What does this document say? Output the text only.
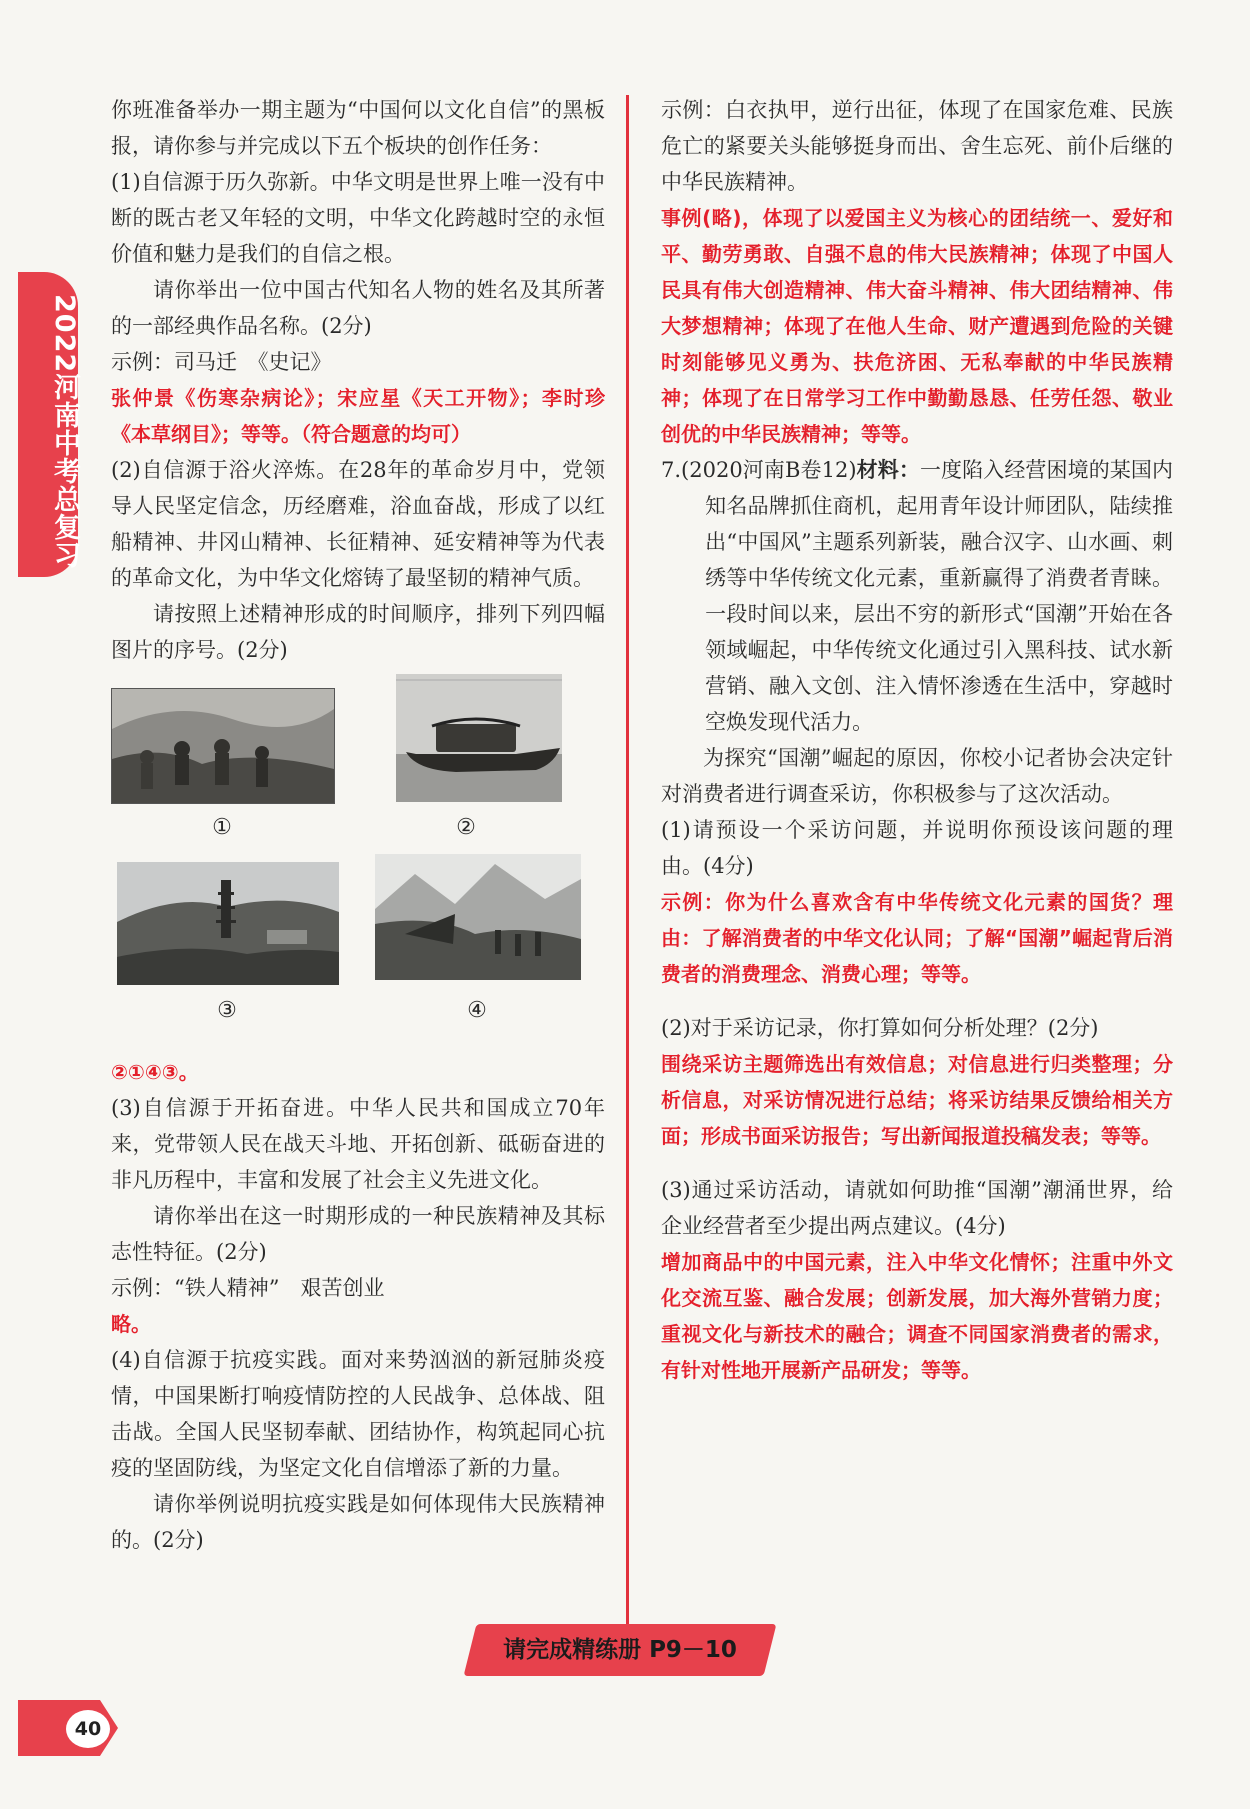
2022河南中考总复习

你班准备举办一期主题为“中国何以文化自信”的黑板报，请你参与并完成以下五个板块的创作任务：

(1)自信源于历久弥新。中华文明是世界上唯一没有中断的既古老又年轻的文明，中华文化跨越时空的永恒价值和魅力是我们的自信之根。

请你举出一位中国古代知名人物的姓名及其所著的一部经典作品名称。(2分)

示例：司马迁　《史记》

张仲景《伤寒杂病论》；宋应星《天工开物》；李时珍《本草纲目》；等等。（符合题意的均可）

(2)自信源于浴火淬炼。在28年的革命岁月中，党领导人民坚定信念，历经磨难，浴血奋战，形成了以红船精神、井冈山精神、长征精神、延安精神等为代表的革命文化，为中华文化熔铸了最坚韧的精神气质。

请按照上述精神形成的时间顺序，排列下列四幅图片的序号。(2分)

①	②
③	④

②①④③。

(3)自信源于开拓奋进。中华人民共和国成立70年来，党带领人民在战天斗地、开拓创新、砥砺奋进的非凡历程中，丰富和发展了社会主义先进文化。

请你举出在这一时期形成的一种民族精神及其标志性特征。(2分)

示例：“铁人精神”　艰苦创业

略。

(4)自信源于抗疫实践。面对来势汹汹的新冠肺炎疫情，中国果断打响疫情防控的人民战争、总体战、阻击战。全国人民坚韧奉献、团结协作，构筑起同心抗疫的坚固防线，为坚定文化自信增添了新的力量。

请你举例说明抗疫实践是如何体现伟大民族精神的。(2分)

示例：白衣执甲，逆行出征，体现了在国家危难、民族危亡的紧要关头能够挺身而出、舍生忘死、前仆后继的中华民族精神。

事例(略)，体现了以爱国主义为核心的团结统一、爱好和平、勤劳勇敢、自强不息的伟大民族精神；体现了中国人民具有伟大创造精神、伟大奋斗精神、伟大团结精神、伟大梦想精神；体现了在他人生命、财产遭遇到危险的关键时刻能够见义勇为、扶危济困、无私奉献的中华民族精神；体现了在日常学习工作中勤勤恳恳、任劳任怨、敬业创优的中华民族精神；等等。

7.(2020河南B卷12)材料：一度陷入经营困境的某国内知名品牌抓住商机，起用青年设计师团队，陆续推出“中国风”主题系列新装，融合汉字、山水画、刺绣等中华传统文化元素，重新赢得了消费者青睐。一段时间以来，层出不穷的新形式“国潮”开始在各领域崛起，中华传统文化通过引入黑科技、试水新营销、融入文创、注入情怀渗透在生活中，穿越时空焕发现代活力。

为探究“国潮”崛起的原因，你校小记者协会决定针对消费者进行调查采访，你积极参与了这次活动。

(1)请预设一个采访问题，并说明你预设该问题的理由。(4分)

示例：你为什么喜欢含有中华传统文化元素的国货？理由：了解消费者的中华文化认同；了解“国潮”崛起背后消费者的消费理念、消费心理；等等。

(2)对于采访记录，你打算如何分析处理？(2分)

围绕采访主题筛选出有效信息；对信息进行归类整理；分析信息，对采访情况进行总结；将采访结果反馈给相关方面；形成书面采访报告；写出新闻报道投稿发表；等等。

(3)通过采访活动，请就如何助推“国潮”潮涌世界，给企业经营者至少提出两点建议。(4分)

增加商品中的中国元素，注入中华文化情怀；注重中外文化交流互鉴、融合发展；创新发展，加大海外营销力度；重视文化与新技术的融合；调查不同国家消费者的需求，有针对性地开展新产品研发；等等。

请完成精练册 P9－10
40
